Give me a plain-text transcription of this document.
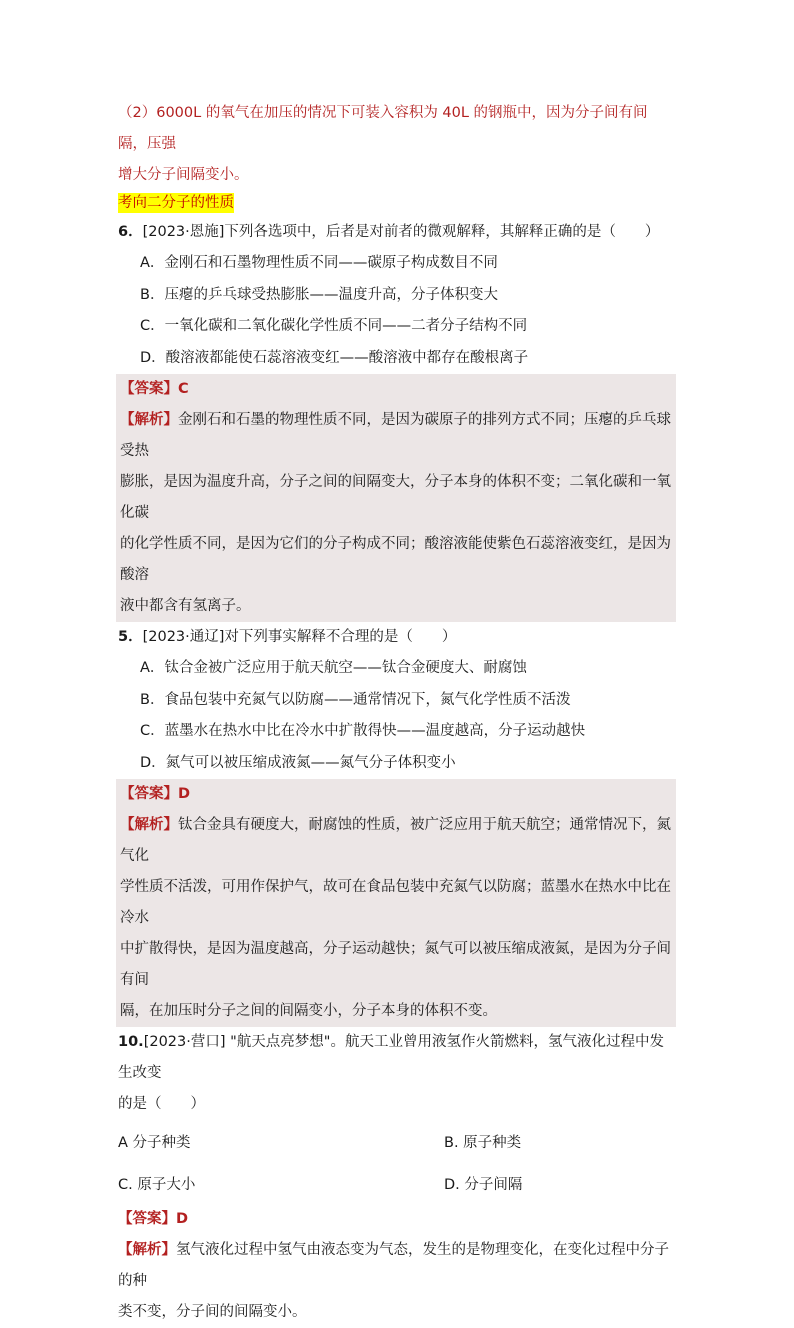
（2）6000L 的氧气在加压的情况下可装入容积为 40L 的钢瓶中，因为分子间有间隔，压强
增大分子间隔变小。
考向二分子的性质
6．[2023·恩施]下列各选项中，后者是对前者的微观解释，其解释正确的是（　　）
A．金刚石和石墨物理性质不同——碳原子构成数目不同
B．压瘪的乒乓球受热膨胀——温度升高，分子体积变大
C．一氧化碳和二氧化碳化学性质不同——二者分子结构不同
D．酸溶液都能使石蕊溶液变红——酸溶液中都存在酸根离子
【答案】C
【解析】金刚石和石墨的物理性质不同，是因为碳原子的排列方式不同；压瘪的乒乓球受热
膨胀，是因为温度升高，分子之间的间隔变大，分子本身的体积不变；二氧化碳和一氧化碳
的化学性质不同，是因为它们的分子构成不同；酸溶液能使紫色石蕊溶液变红，是因为酸溶
液中都含有氢离子。
5．[2023·通辽]对下列事实解释不合理的是（　　）
A．钛合金被广泛应用于航天航空——钛合金硬度大、耐腐蚀
B．食品包装中充氮气以防腐——通常情况下，氮气化学性质不活泼
C．蓝墨水在热水中比在冷水中扩散得快——温度越高，分子运动越快
D．氮气可以被压缩成液氮——氮气分子体积变小
【答案】D
【解析】钛合金具有硬度大，耐腐蚀的性质，被广泛应用于航天航空；通常情况下，氮气化
学性质不活泼，可用作保护气，故可在食品包装中充氮气以防腐；蓝墨水在热水中比在冷水
中扩散得快，是因为温度越高，分子运动越快；氮气可以被压缩成液氮，是因为分子间有间
隔，在加压时分子之间的间隔变小，分子本身的体积不变。
10.[2023·营口] "航天点亮梦想"。航天工业曾用液氢作火箭燃料，氢气液化过程中发生改变
的是（　　）
A 分子种类	B. 原子种类
C. 原子大小	D. 分子间隔
【答案】D
【解析】氢气液化过程中氢气由液态变为气态，发生的是物理变化，在变化过程中分子的种
类不变，分子间的间隔变小。
